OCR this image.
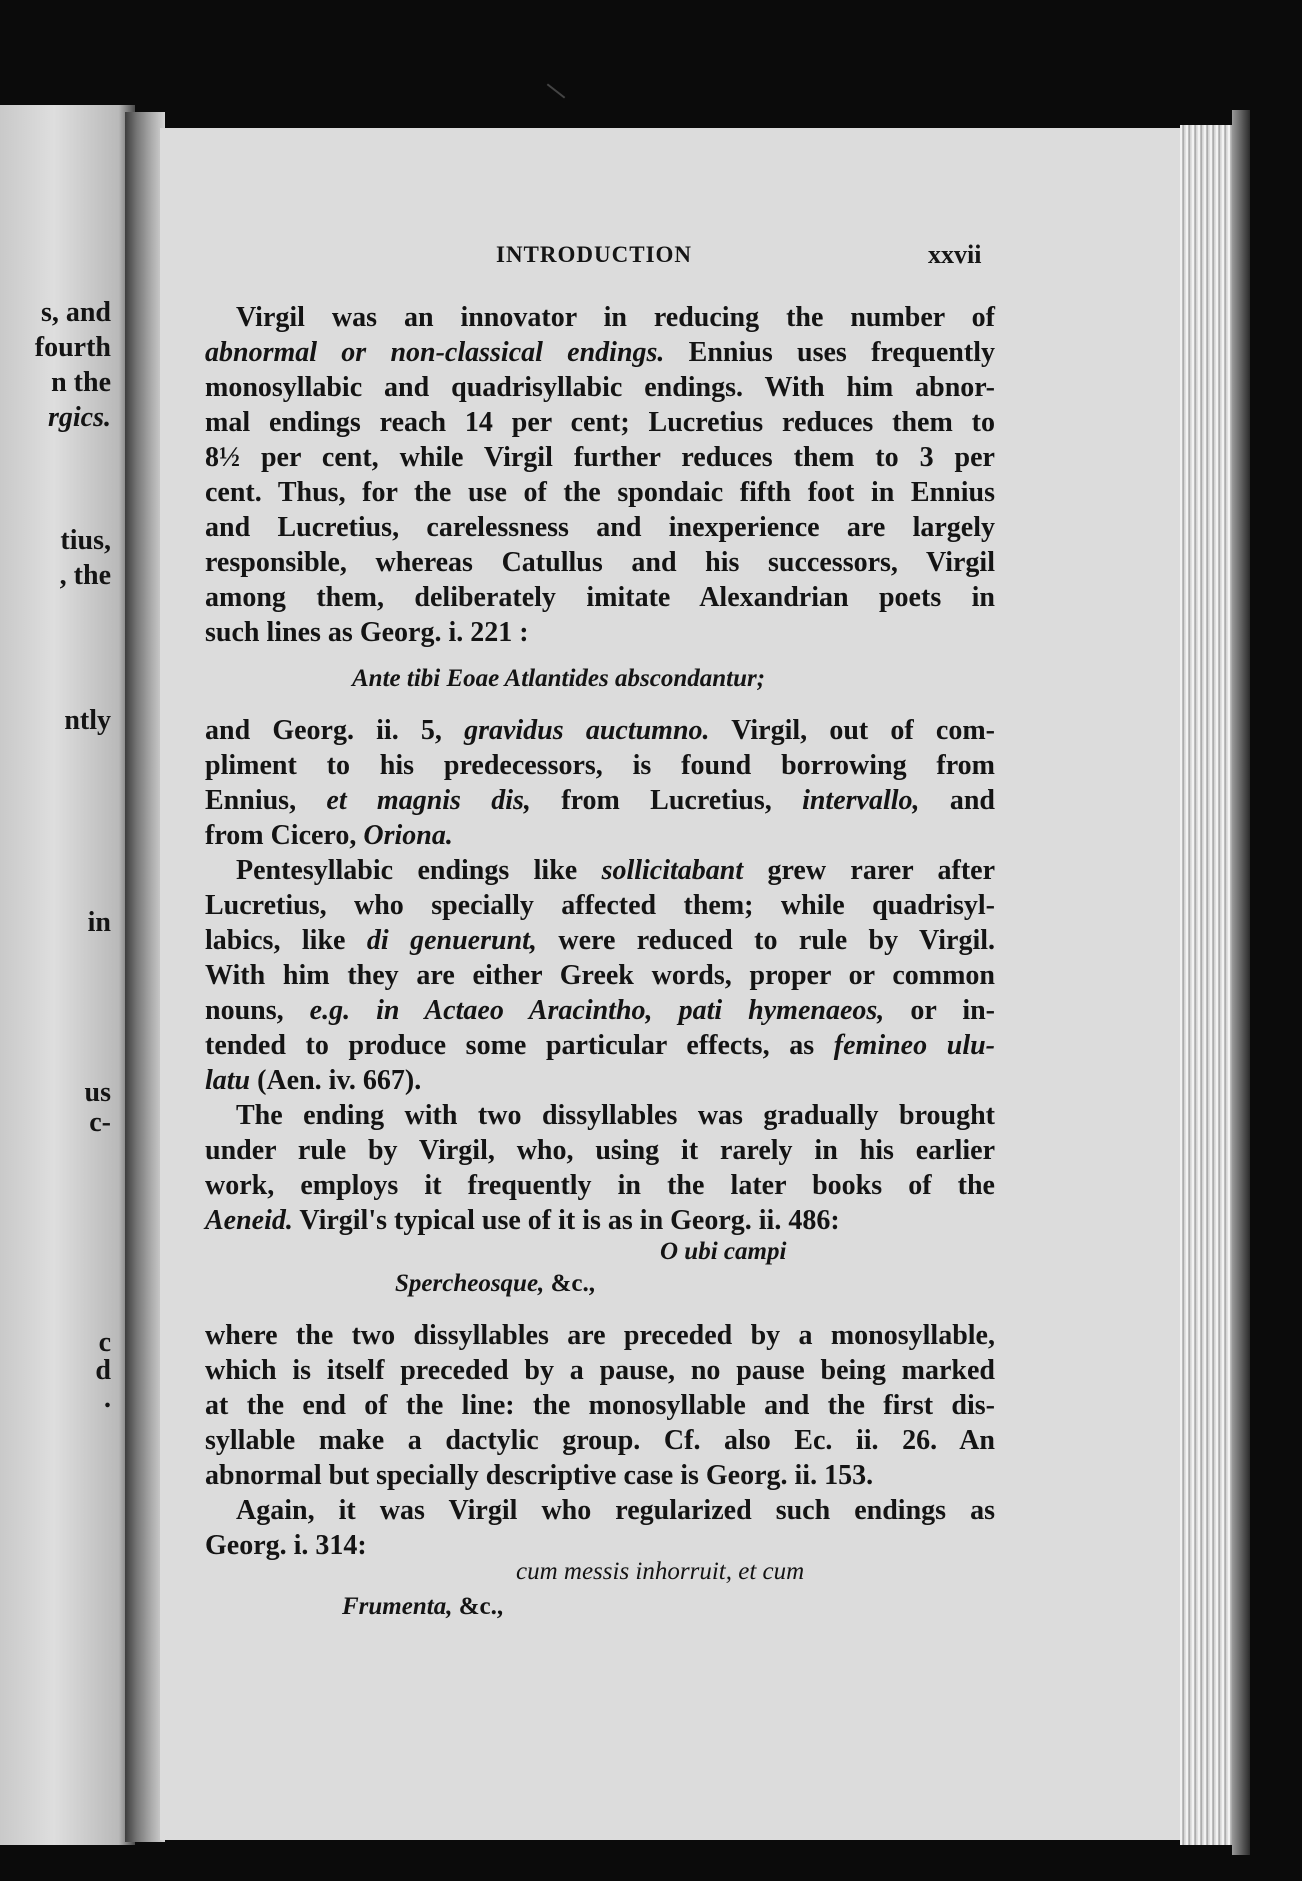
s, and

fourth

n the

rgics.

tius,

, the

ntly

in

us

c-

c

d

.

INTRODUCTION	xxvii

Virgil was an innovator in reducing the number of

abnormal or non-classical endings. Ennius uses frequently

monosyllabic and quadrisyllabic endings. With him abnor-

mal endings reach 14 per cent; Lucretius reduces them to

8½ per cent, while Virgil further reduces them to 3 per

cent. Thus, for the use of the spondaic fifth foot in Ennius

and Lucretius, carelessness and inexperience are largely

responsible, whereas Catullus and his successors, Virgil

among them, deliberately imitate Alexandrian poets in

such lines as Georg. i. 221 :

Ante tibi Eoae Atlantides abscondantur;

and Georg. ii. 5, gravidus auctumno. Virgil, out of com-

pliment to his predecessors, is found borrowing from

Ennius, et magnis dis, from Lucretius, intervallo, and

from Cicero, Oriona.

Pentesyllabic endings like sollicitabant grew rarer after

Lucretius, who specially affected them; while quadrisyl-

labics, like di genuerunt, were reduced to rule by Virgil.

With him they are either Greek words, proper or common

nouns, e.g. in Actaeo Aracintho, pati hymenaeos, or in-

tended to produce some particular effects, as femineo ulu-

latu (Aen. iv. 667).

The ending with two dissyllables was gradually brought

under rule by Virgil, who, using it rarely in his earlier

work, employs it frequently in the later books of the

Aeneid. Virgil's typical use of it is as in Georg. ii. 486:

O ubi campi

Spercheosque, &c.,

where the two dissyllables are preceded by a monosyllable,

which is itself preceded by a pause, no pause being marked

at the end of the line: the monosyllable and the first dis-

syllable make a dactylic group. Cf. also Ec. ii. 26. An

abnormal but specially descriptive case is Georg. ii. 153.

Again, it was Virgil who regularized such endings as

Georg. i. 314:

cum messis inhorruit, et cum

Frumenta, &c.,
